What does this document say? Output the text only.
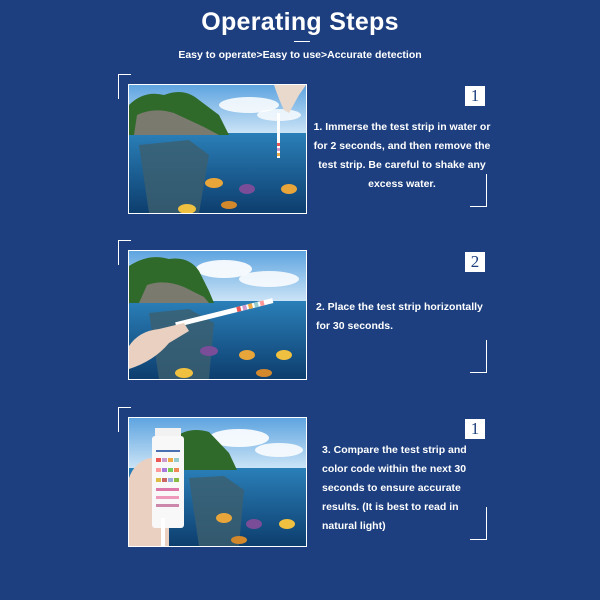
Operating Steps
Easy to operate>Easy to use>Accurate detection
1
1. Immerse the test strip in water or for 2 seconds, and then remove the test strip. Be careful to shake any excess water.
2
2. Place the test strip horizontally for 30 seconds.
1
3. Compare the test strip and color code within the next 30 seconds to ensure accurate results. (It is best to read in natural light)
